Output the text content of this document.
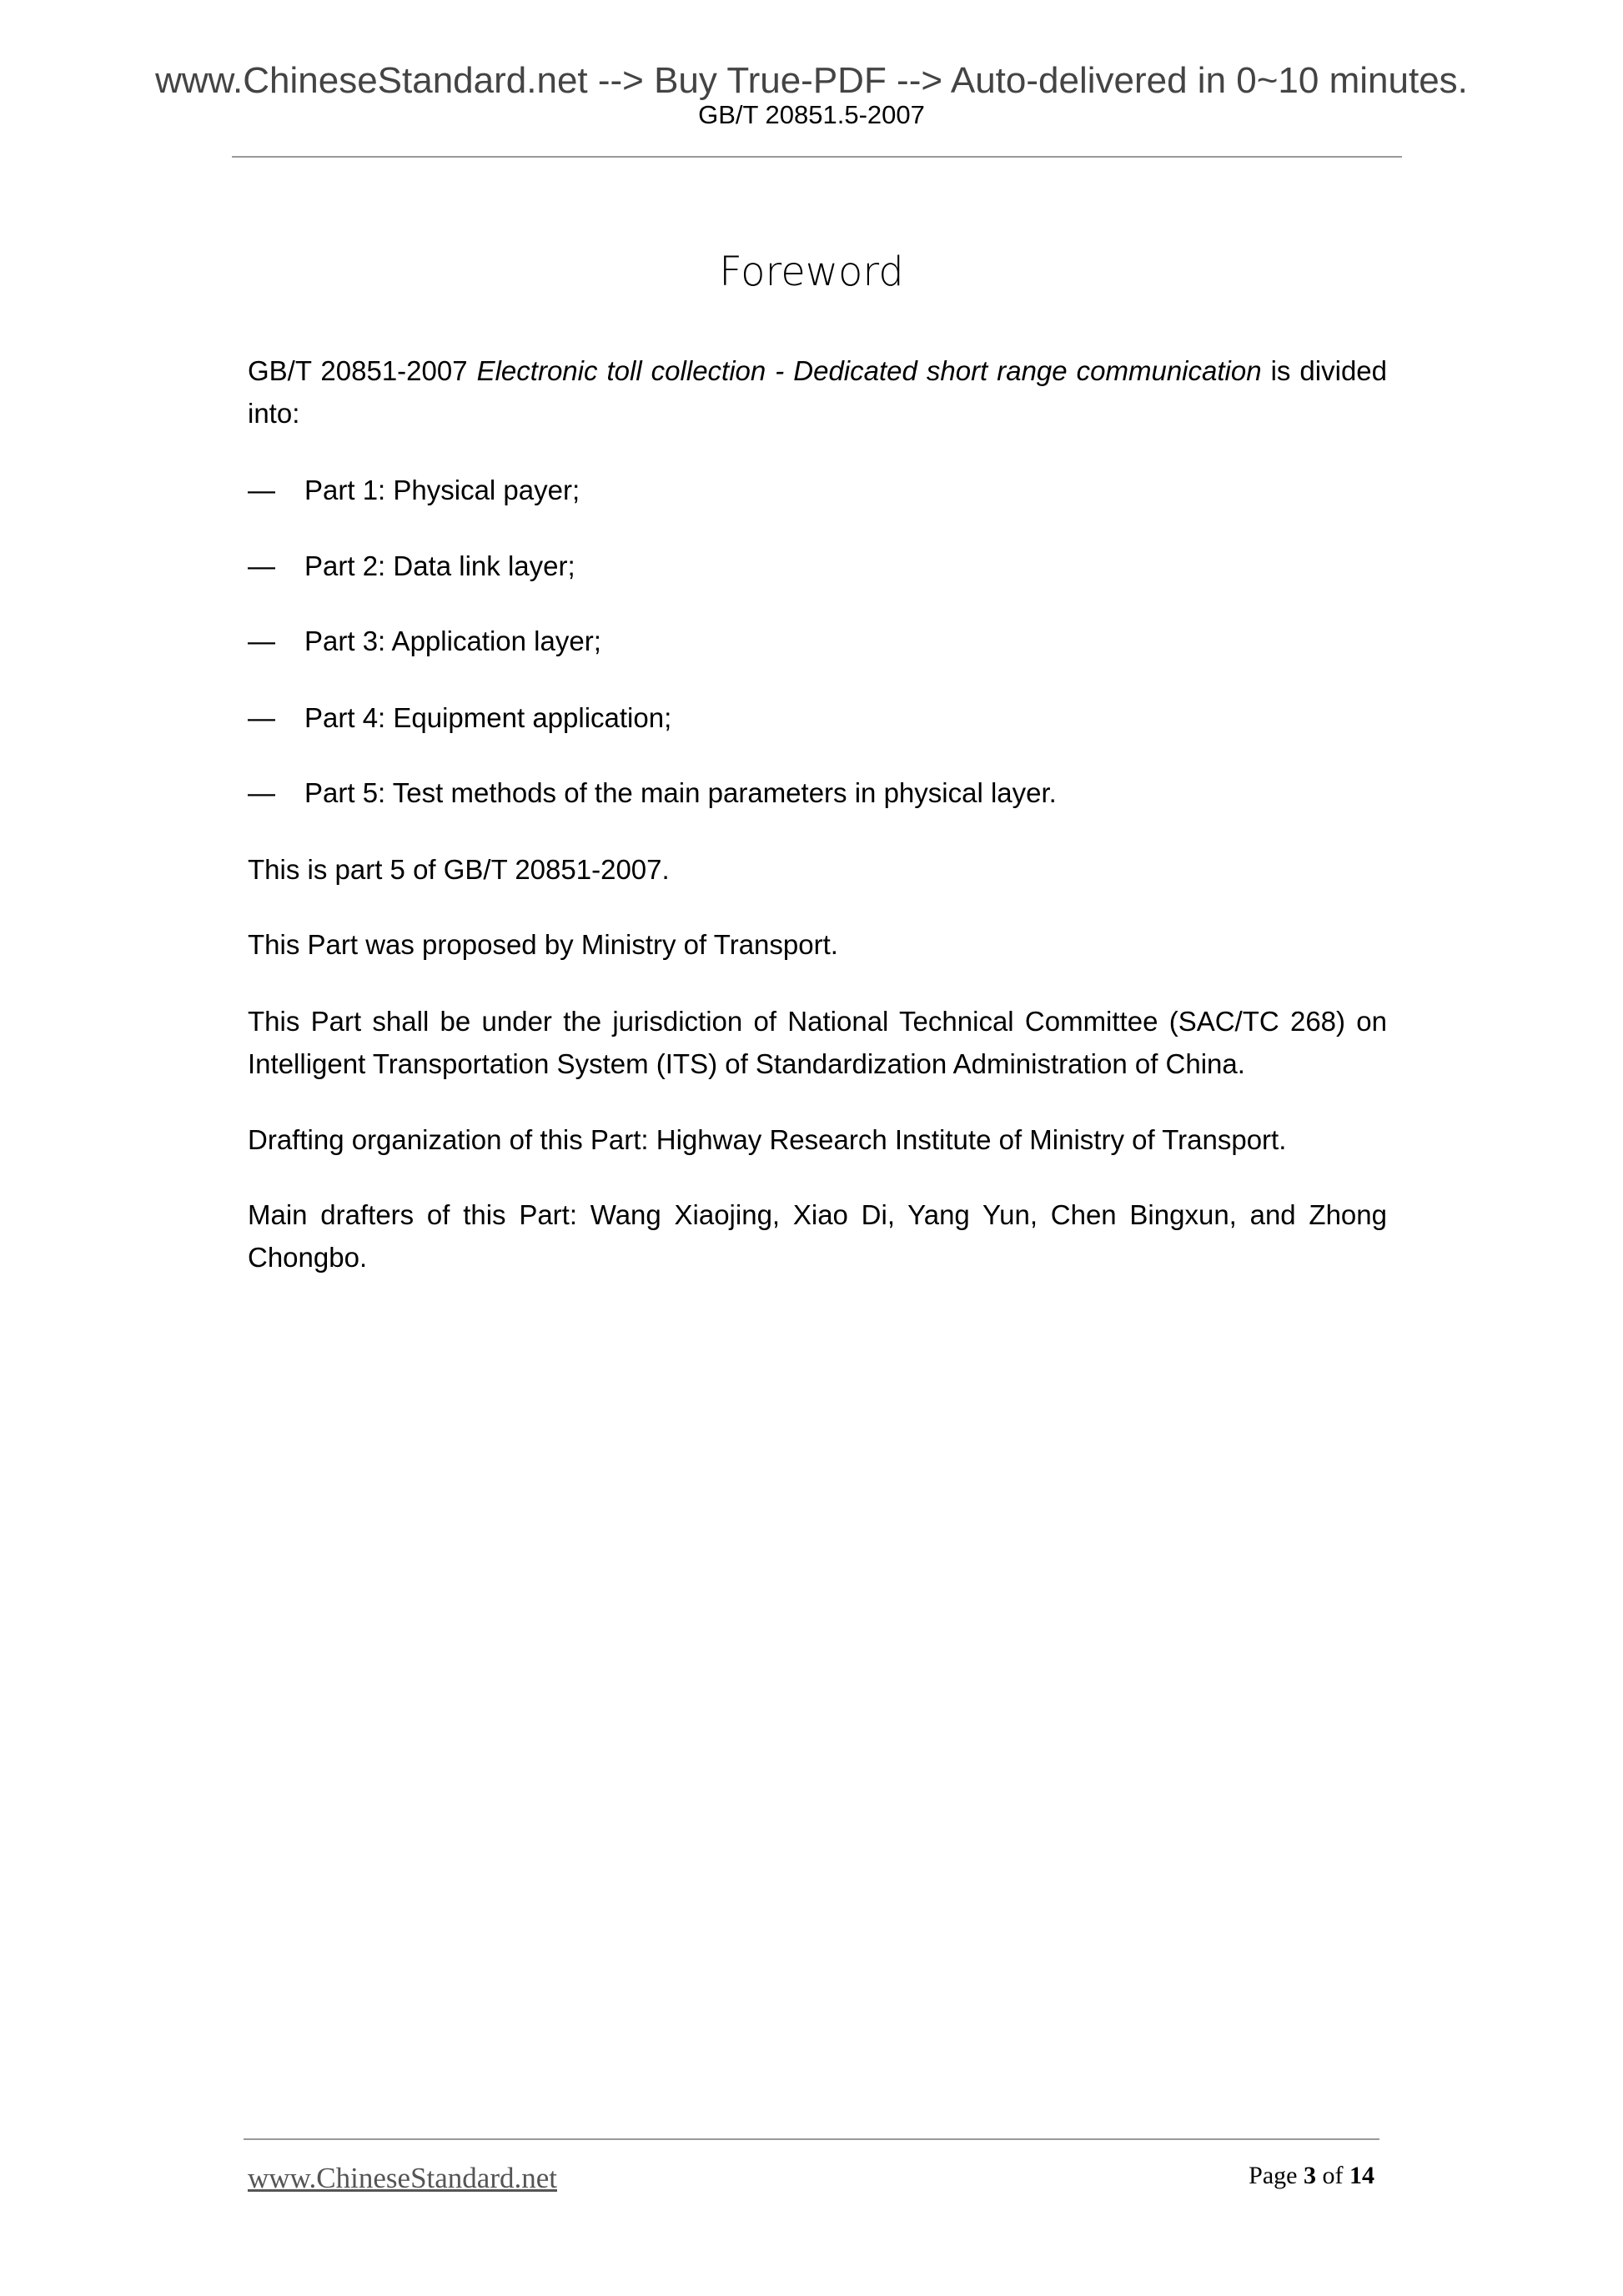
www.ChineseStandard.net --> Buy True-PDF --> Auto-delivered in 0~10 minutes.
GB/T 20851.5-2007
Foreword
GB/T 20851-2007 Electronic toll collection - Dedicated short range communication is divided into:
— Part 1: Physical payer;
— Part 2: Data link layer;
— Part 3: Application layer;
— Part 4: Equipment application;
— Part 5: Test methods of the main parameters in physical layer.
This is part 5 of GB/T 20851-2007.
This Part was proposed by Ministry of Transport.
This Part shall be under the jurisdiction of National Technical Committee (SAC/TC 268) on Intelligent Transportation System (ITS) of Standardization Administration of China.
Drafting organization of this Part: Highway Research Institute of Ministry of Transport.
Main drafters of this Part: Wang Xiaojing, Xiao Di, Yang Yun, Chen Bingxun, and Zhong Chongbo.
www.ChineseStandard.net	Page 3 of 14
